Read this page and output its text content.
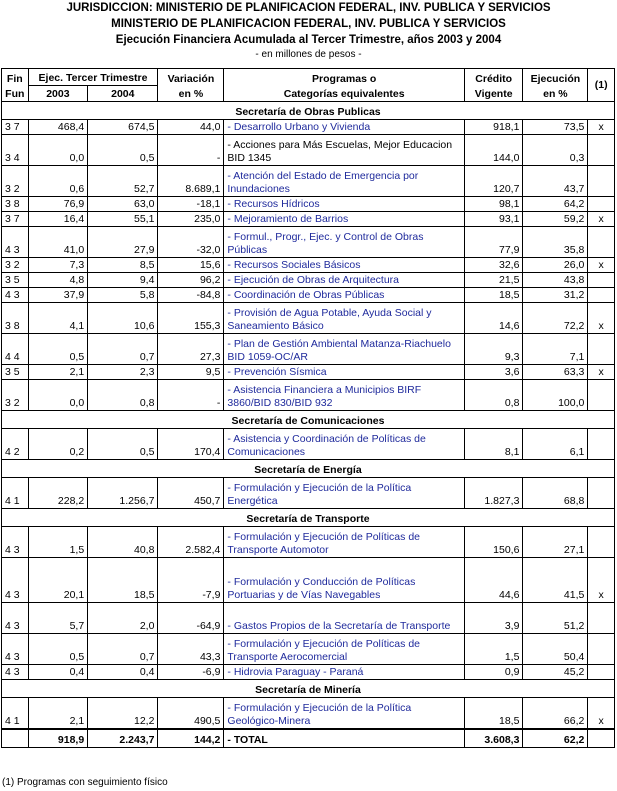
JURISDICCION: MINISTERIO DE PLANIFICACION FEDERAL, INV. PUBLICA Y SERVICIOS
MINISTERIO DE PLANIFICACION FEDERAL, INV. PUBLICA Y SERVICIOS
Ejecución Financiera Acumulada al Tercer Trimestre, años 2003 y 2004
- en millones de pesos -
Fin	Ejec. Tercer Trimestre		Variación	Programas o	Crédito	Ejecución	(1)
Fun	2003	2004	en %	Categorías equivalentes	Vigente	en %	
Secretaría de Obras Publicas							
3 7	468,4	674,5	44,0	- Desarrollo Urbano y Vivienda	918,1	73,5	x
3 4	0,0	0,5	-	- Acciones para Más Escuelas, Mejor Educacion BID 1345	144,0	0,3	
3 2	0,6	52,7	8.689,1	- Atención del Estado de Emergencia por Inundaciones	120,7	43,7	
3 8	76,9	63,0	-18,1	- Recursos Hídricos	98,1	64,2	
3 7	16,4	55,1	235,0	- Mejoramiento de Barrios	93,1	59,2	x
4 3	41,0	27,9	-32,0	- Formul., Progr., Ejec. y Control de Obras Públicas	77,9	35,8	
3 2	7,3	8,5	15,6	- Recursos Sociales Básicos	32,6	26,0	x
3 5	4,8	9,4	96,2	- Ejecución de Obras de Arquitectura	21,5	43,8	
4 3	37,9	5,8	-84,8	- Coordinación de Obras Públicas	18,5	31,2	
3 8	4,1	10,6	155,3	- Provisión de Agua Potable, Ayuda Social y Saneamiento Básico	14,6	72,2	x
4 4	0,5	0,7	27,3	- Plan de Gestión Ambiental Matanza-Riachuelo BID 1059-OC/AR	9,3	7,1	
3 5	2,1	2,3	9,5	- Prevención Sísmica	3,6	63,3	x
3 2	0,0	0,8	-	- Asistencia Financiera a Municipios BIRF 3860/BID 830/BID 932	0,8	100,0	
Secretaría de Comunicaciones							
4 2	0,2	0,5	170,4	- Asistencia y Coordinación de Políticas de Comunicaciones	8,1	6,1	
Secretaría de Energía							
4 1	228,2	1.256,7	450,7	- Formulación y Ejecución de la Política Energética	1.827,3	68,8	
Secretaría de Transporte							
4 3	1,5	40,8	2.582,4	- Formulación y Ejecución de Políticas de Transporte Automotor	150,6	27,1	
4 3	20,1	18,5	-7,9	- Formulación y Conducción de Políticas Portuarias y de Vías Navegables	44,6	41,5	x
4 3	5,7	2,0	-64,9	- Gastos Propios de la Secretaría de Transporte	3,9	51,2	
4 3	0,5	0,7	43,3	- Formulación y Ejecución de Políticas de Transporte Aerocomercial	1,5	50,4	
4 3	0,4	0,4	-6,9	- Hidrovia Paraguay - Paraná	0,9	45,2	
Secretaría de Minería							
4 1	2,1	12,2	490,5	- Formulación y Ejecución de la Política Geológico-Minera	18,5	66,2	x
	918,9	2.243,7	144,2	- TOTAL	3.608,3	62,2	
(1) Programas con seguimiento físico
